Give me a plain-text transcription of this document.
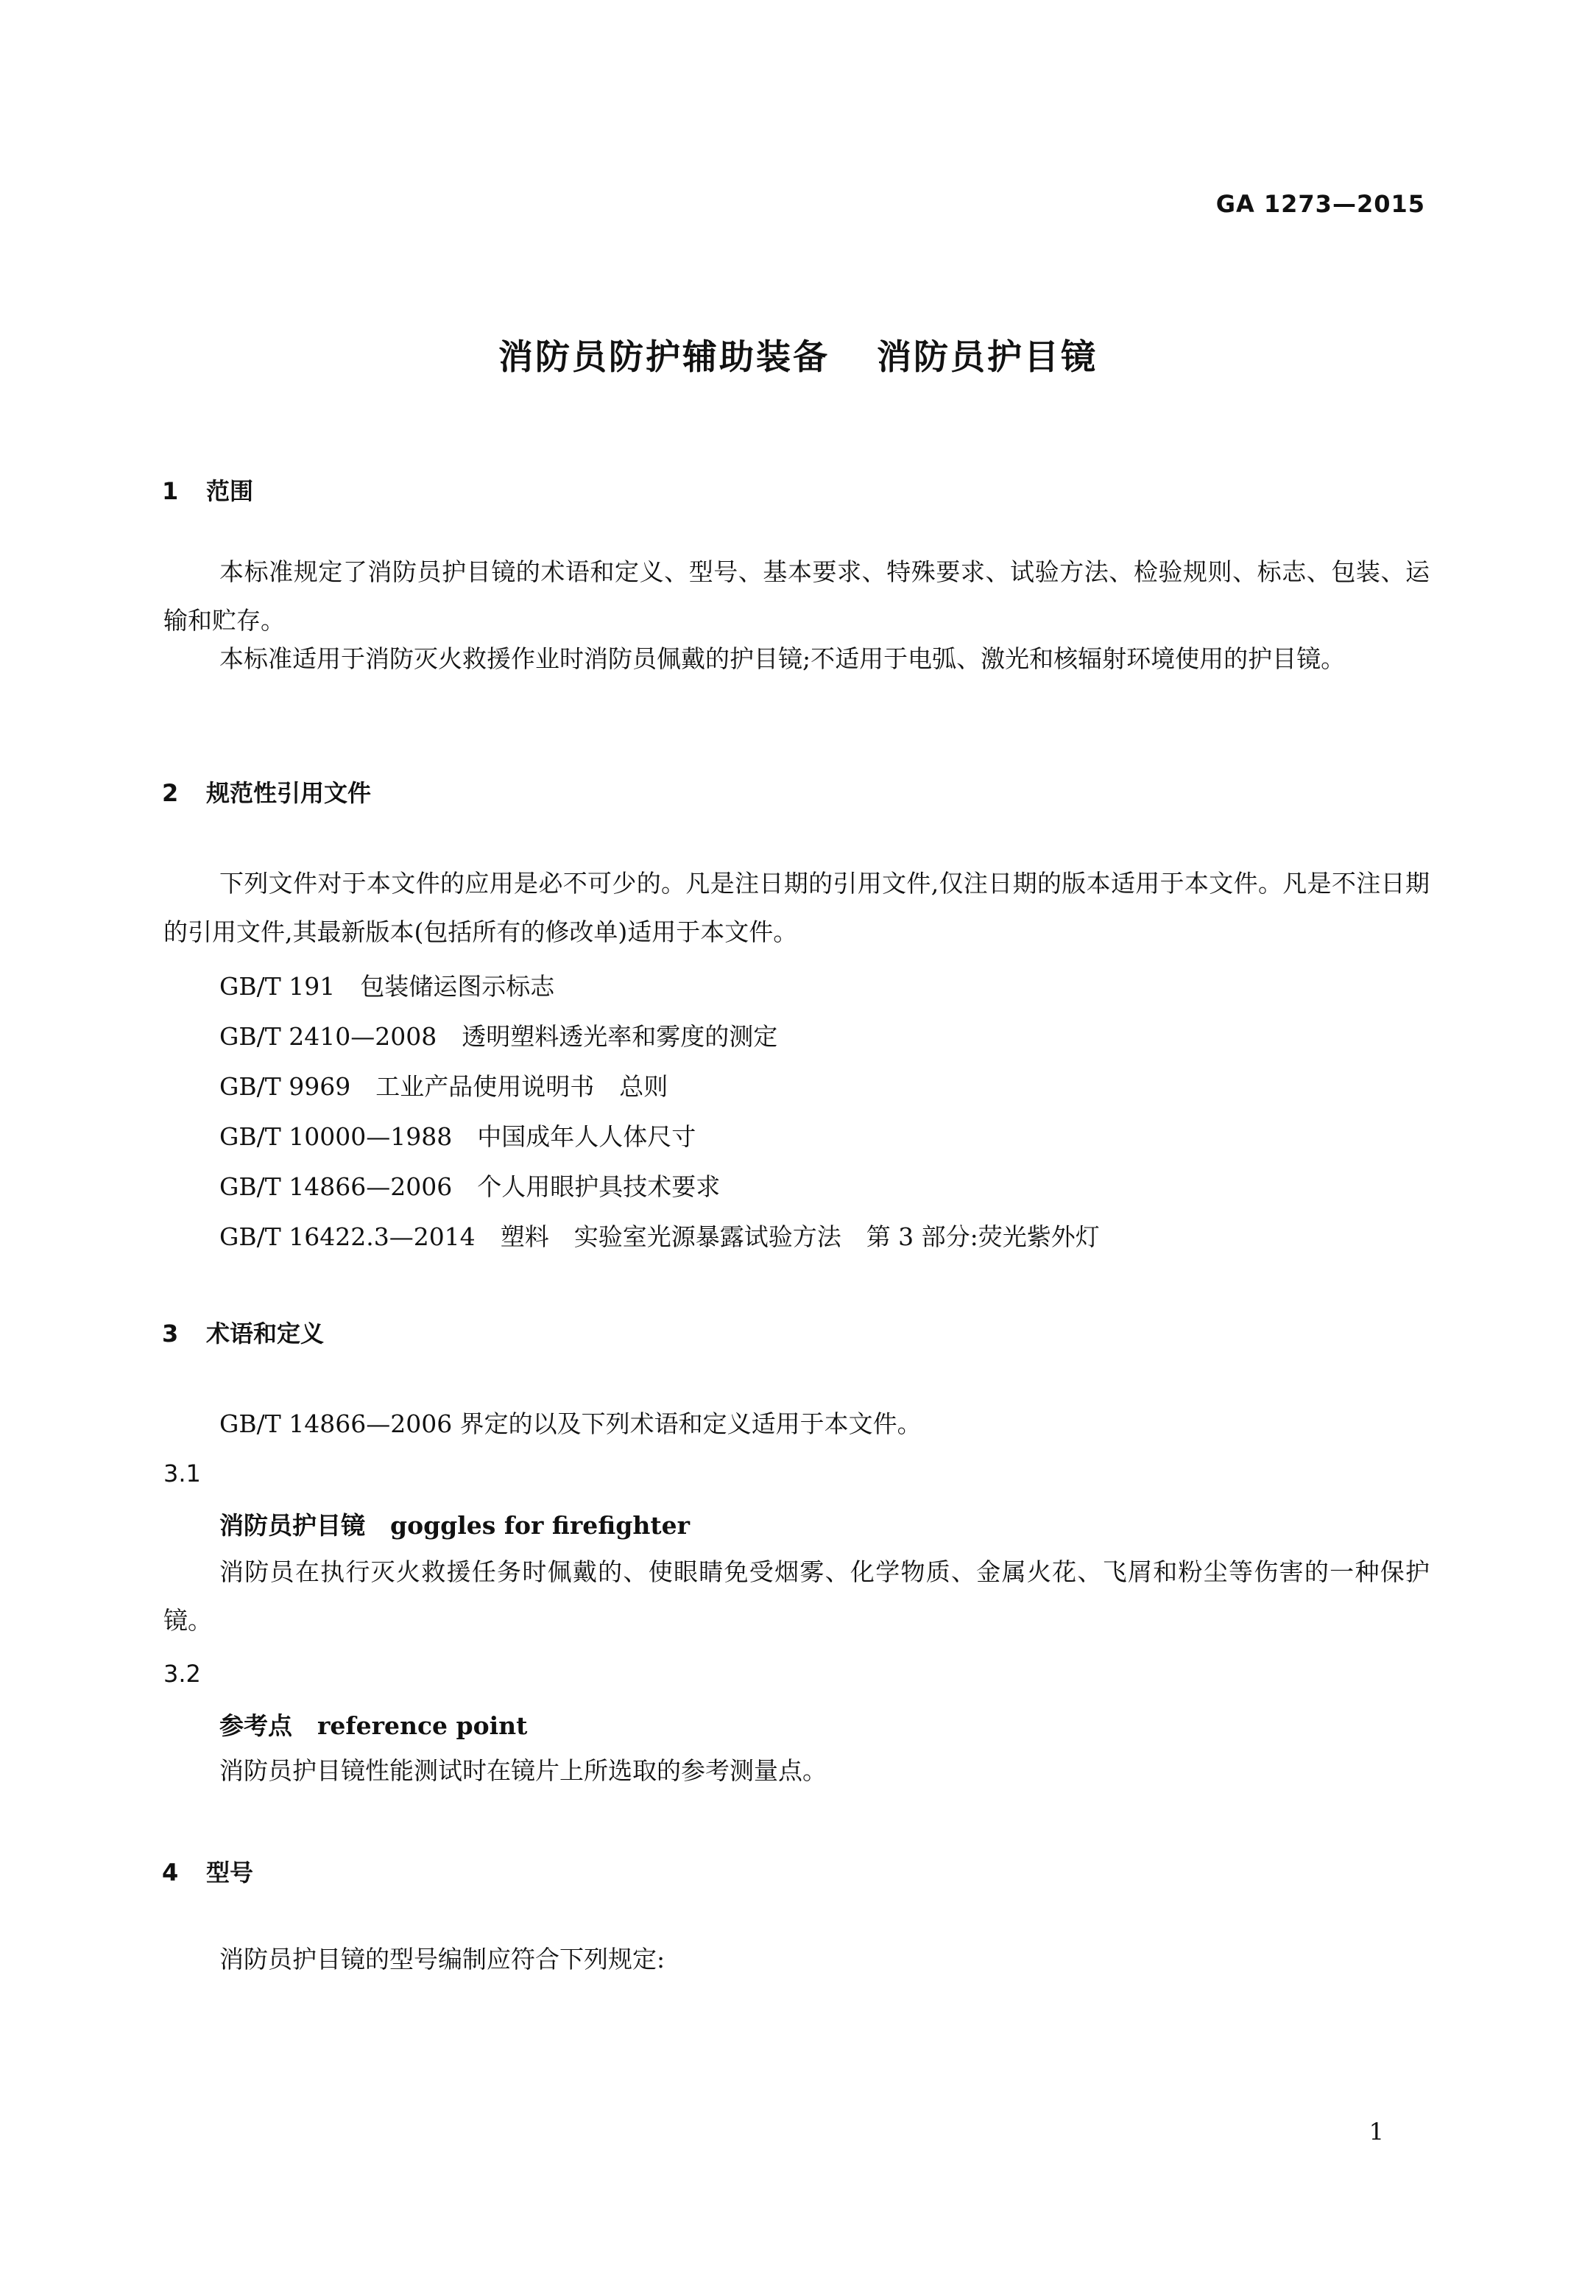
GA 1273—2015

消防员防护辅助装备 消防员护目镜
1 范围

本标准规定了消防员护目镜的术语和定义、型号、基本要求、特殊要求、试验方法、检验规则、标志、包装、运输和贮存。

本标准适用于消防灭火救援作业时消防员佩戴的护目镜;不适用于电弧、激光和核辐射环境使用的护目镜。

2 规范性引用文件

下列文件对于本文件的应用是必不可少的。凡是注日期的引用文件,仅注日期的版本适用于本文件。凡是不注日期的引用文件,其最新版本(包括所有的修改单)适用于本文件。

GB/T 191 包装储运图示标志

GB/T 2410—2008 透明塑料透光率和雾度的测定

GB/T 9969 工业产品使用说明书 总则

GB/T 10000—1988 中国成年人人体尺寸

GB/T 14866—2006 个人用眼护具技术要求

GB/T 16422.3—2014 塑料 实验室光源暴露试验方法 第 3 部分:荧光紫外灯

3 术语和定义

GB/T 14866—2006 界定的以及下列术语和定义适用于本文件。

3.1

消防员护目镜 goggles for firefighter

消防员在执行灭火救援任务时佩戴的、使眼睛免受烟雾、化学物质、金属火花、飞屑和粉尘等伤害的一种保护镜。

3.2

参考点 reference point

消防员护目镜性能测试时在镜片上所选取的参考测量点。

4 型号

消防员护目镜的型号编制应符合下列规定:

1
